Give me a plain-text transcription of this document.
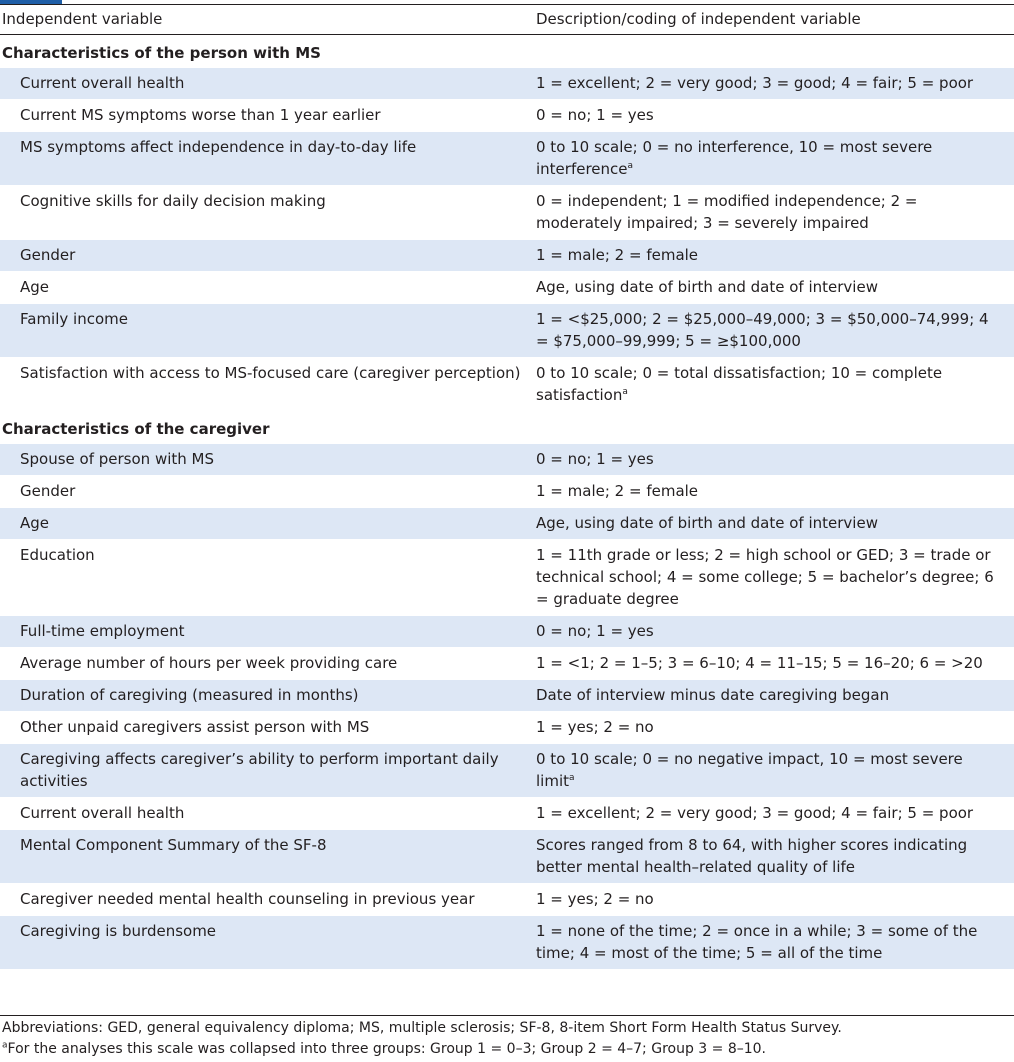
Independent variable	Description/coding of independent variable
Characteristics of the person with MS	
Current overall health	1 = excellent; 2 = very good; 3 = good; 4 = fair; 5 = poor
Current MS symptoms worse than 1 year earlier	0 = no; 1 = yes
MS symptoms affect independence in day-to-day life	0 to 10 scale; 0 = no interference, 10 = most severe interference$^a$
Cognitive skills for daily decision making	0 = independent; 1 = modified independence; 2 = moderately impaired; 3 = severely impaired
Gender	1 = male; 2 = female
Age	Age, using date of birth and date of interview
Family income	1 = <$25,000; 2 = $25,000–49,000; 3 = $50,000–74,999; 4 = $75,000–99,999; 5 = ≥$100,000
Satisfaction with access to MS-focused care (caregiver perception)	0 to 10 scale; 0 = total dissatisfaction; 10 = complete satisfaction$^a$
Characteristics of the caregiver	
Spouse of person with MS	0 = no; 1 = yes
Gender	1 = male; 2 = female
Age	Age, using date of birth and date of interview
Education	1 = 11th grade or less; 2 = high school or GED; 3 = trade or technical school; 4 = some college; 5 = bachelor’s degree; 6 = graduate degree
Full-time employment	0 = no; 1 = yes
Average number of hours per week providing care	1 = <1; 2 = 1–5; 3 = 6–10; 4 = 11–15; 5 = 16–20; 6 = >20
Duration of caregiving (measured in months)	Date of interview minus date caregiving began
Other unpaid caregivers assist person with MS	1 = yes; 2 = no
Caregiving affects caregiver’s ability to perform important daily activities	0 to 10 scale; 0 = no negative impact, 10 = most severe limit$^a$
Current overall health	1 = excellent; 2 = very good; 3 = good; 4 = fair; 5 = poor
Mental Component Summary of the SF-8	Scores ranged from 8 to 64, with higher scores indicating better mental health–related quality of life
Caregiver needed mental health counseling in previous year	1 = yes; 2 = no
Caregiving is burdensome	1 = none of the time; 2 = once in a while; 3 = some of the time; 4 = most of the time; 5 = all of the time
Abbreviations: GED, general equivalency diploma; MS, multiple sclerosis; SF-8, 8-item Short Form Health Status Survey.
$^a$For the analyses this scale was collapsed into three groups: Group 1 = 0–3; Group 2 = 4–7; Group 3 = 8–10.
